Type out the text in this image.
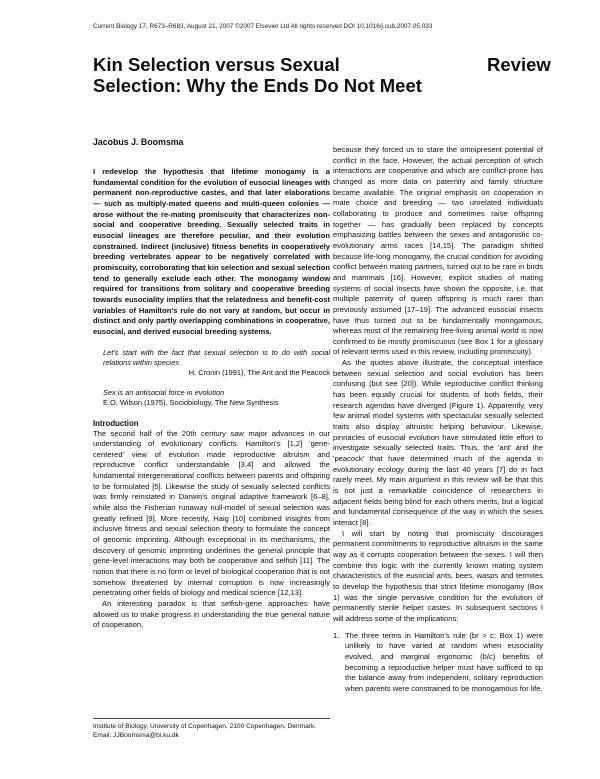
Current Biology 17, R673–R683, August 21, 2007 ©2007 Elsevier Ltd All rights reserved DOI 10.1016/j.cub.2007.05.033
Kin Selection versus Sexual Selection: Why the Ends Do Not Meet
Review
Jacobus J. Boomsma

I redevelop the hypothesis that lifetime monogamy is a fundamental condition for the evolution of eusocial lineages with permanent non-reproductive castes, and that later elaborations — such as multiply-mated queens and multi-queen colonies — arose without the re-mating promiscuity that characterizes non-social and cooperative breeding. Sexually selected traits in eusocial lineages are therefore peculiar, and their evolution constrained. Indirect (inclusive) fitness benefits in cooperatively breeding vertebrates appear to be negatively correlated with promiscuity, corroborating that kin selection and sexual selection tend to generally exclude each other. The monogamy window required for transitions from solitary and cooperative breeding towards eusociality implies that the relatedness and benefit-cost variables of Hamilton's rule do not vary at random, but occur in distinct and only partly overlapping combinations in cooperative, eusocial, and derived eusocial breeding systems.

Let's start with the fact that sexual selection is to do with social relations within species

H. Cronin (1991), The Ant and the Peacock

Sex is an antisocial force in evolution

E.O. Wilson (1975), Sociobiology, The New Synthesis

Introduction

The second half of the 20th century saw major advances in our understanding of evolutionary conflicts. Hamilton's [1,2] 'gene-centered' view of evolution made reproductive altruism and reproductive conflict understandable [3,4] and allowed the fundamental intergenerational conflicts between parents and offspring to be formulated [5]. Likewise the study of sexually selected conflicts was firmly reinstated in Darwin's original adaptive framework [6–8], while also the Fisherian runaway null-model of sexual selection was greatly refined [9]. More recently, Haig [10] combined insights from inclusive fitness and sexual selection theory to formulate the concept of genomic imprinting. Although exceptional in its mechanisms, the discovery of genomic imprinting underlines the general principle that gene-level interactions may both be cooperative and selfish [11]. The notion that there is no form or level of biological cooperation that is not somehow threatened by internal corruption is now increasingly penetrating other fields of biology and medical science [12,13].

An interesting paradox is that selfish-gene approaches have allowed us to make progress in understanding the true general nature of cooperation,

Institute of Biology, University of Copenhagen, 2100 Copenhagen, Denmark.

Email: JJBoomsma@bi.ku.dk

because they forced us to stare the omnipresent potential of conflict in the face. However, the actual perception of which interactions are cooperative and which are conflict-prone has changed as more data on paternity and family structure became available. The original emphasis on cooperation in mate choice and breeding — two unrelated individuals collaborating to produce and sometimes raise offspring together — has gradually been replaced by concepts emphasizing battles between the sexes and antagonistic co-evolutionary arms races [14,15]. The paradigm shifted because life-long monogamy, the crucial condition for avoiding conflict between mating partners, turned out to be rare in birds and mammals [16]. However, explicit studies of mating systems of social insects have shown the opposite, i.e. that multiple paternity of queen offspring is much rarer than previously assumed [17–19]. The advanced eusocial insects have thus turned out to be fundamentally monogamous, whereas most of the remaining free-living animal world is now confirmed to be mostly promiscuous (see Box 1 for a glossary of relevant terms used in this review, including promiscuity).

As the quotes above illustrate, the conceptual interface between sexual selection and social evolution has been confusing (but see [20]). While reproductive conflict thinking has been equally crucial for students of both fields, their research agendas have diverged (Figure 1). Apparently, very few animal model systems with spectacular sexually selected traits also display altruistic helping behaviour. Likewise, pinnacles of eusocial evolution have stimulated little effort to investigate sexually selected traits. Thus, the 'ant' and the 'peacock' that have determined much of the agenda in evolutionary ecology during the last 40 years [7] do in fact rarely meet. My main argument in this review will be that this is not just a remarkable coincidence of researchers in adjacent fields being blind for each others merits, but a logical and fundamental consequence of the way in which the sexes interact [8].

I will start by noting that promiscuity discourages permanent commitments to reproductive altruism in the same way as it corrupts cooperation between the sexes. I will then combine this logic with the currently known mating system characteristics of the eusocial ants, bees, wasps and termites to develop the hypothesis that strict lifetime monogamy (Box 1) was the single pervasive condition for the evolution of permanently sterile helper castes. In subsequent sections I will address some of the implications:

1. The three terms in Hamilton's rule (br > c; Box 1) were unlikely to have varied at random when eusociality evolved, and marginal ergonomic (b/c) benefits of becoming a reproductive helper must have sufficed to tip the balance away from independent, solitary reproduction when parents were constrained to be monogamous for life.
